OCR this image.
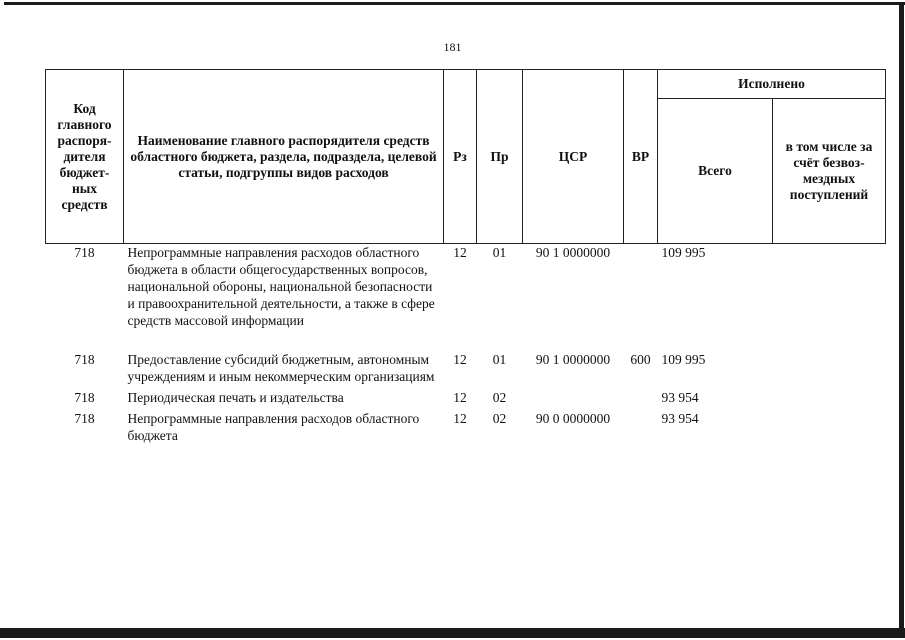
181
Код главного распоря-дителя бюджет-ных средств	Наименование главного распорядителя средств областного бюджета, раздела, подраздела, целевой статьи, подгруппы видов расходов	Рз	Пр	ЦСР	ВР	Исполнено	
						Всего	в том числе за счёт безвоз-мездных поступлений
718	Непрограммные направления расходов областного бюджета в области общегосударственных вопросов, национальной обороны, национальной безопасности и правоохранительной деятельности, а также в сфере средств массовой информации	12	01	90 1 0000000		109 995	

718	Предоставление субсидий бюджетным, автономным учреждениям и иным некоммерческим организациям	12	01	90 1 0000000	600	109 995	

718	Периодическая печать и издательства	12	02			93 954	

718	Непрограммные направления расходов областного бюджета	12	02	90 0 0000000		93 954	
